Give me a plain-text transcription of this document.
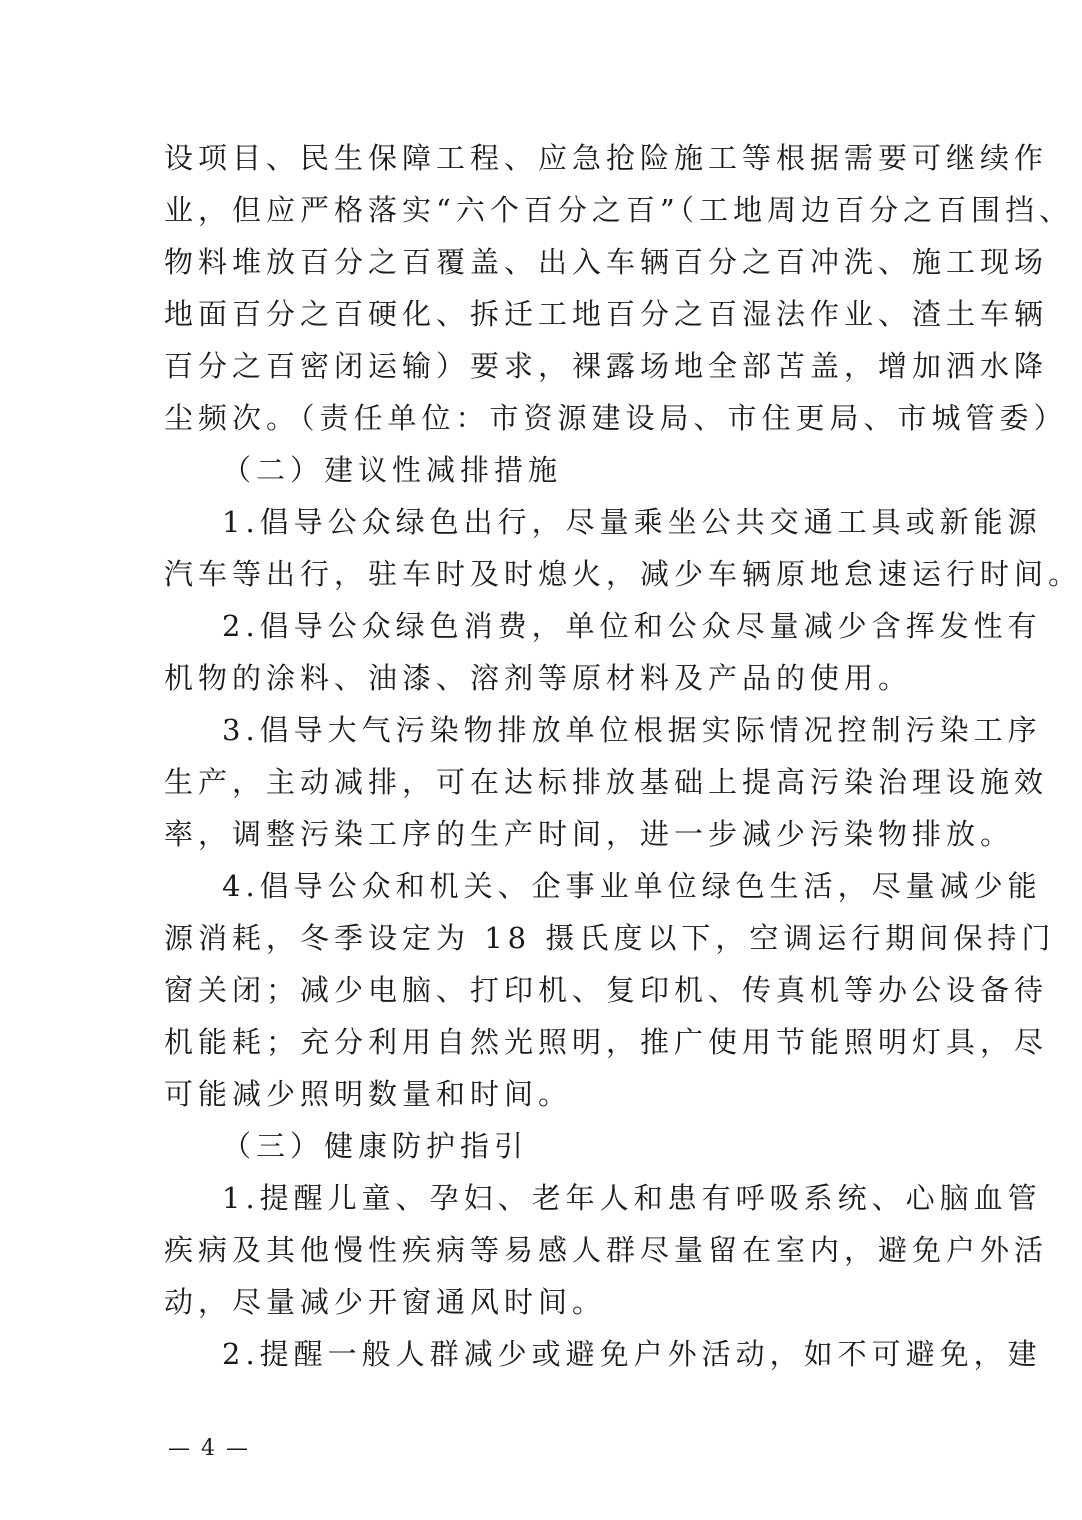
设项目、民生保障工程、应急抢险施工等根据需要可继续作
业，但应严格落实“六个百分之百”（工地周边百分之百围挡、
物料堆放百分之百覆盖、出入车辆百分之百冲洗、施工现场
地面百分之百硬化、拆迁工地百分之百湿法作业、渣土车辆
百分之百密闭运输）要求，裸露场地全部苫盖，增加洒水降
尘频次。（责任单位：市资源建设局、市住更局、市城管委）
（二）建议性减排措施
1.倡导公众绿色出行，尽量乘坐公共交通工具或新能源
汽车等出行，驻车时及时熄火，减少车辆原地怠速运行时间。
2.倡导公众绿色消费，单位和公众尽量减少含挥发性有
机物的涂料、油漆、溶剂等原材料及产品的使用。
3.倡导大气污染物排放单位根据实际情况控制污染工序
生产，主动减排，可在达标排放基础上提高污染治理设施效
率，调整污染工序的生产时间，进一步减少污染物排放。
4.倡导公众和机关、企事业单位绿色生活，尽量减少能
源消耗，冬季设定为 18 摄氏度以下，空调运行期间保持门
窗关闭；减少电脑、打印机、复印机、传真机等办公设备待
机能耗；充分利用自然光照明，推广使用节能照明灯具，尽
可能减少照明数量和时间。
（三）健康防护指引
1.提醒儿童、孕妇、老年人和患有呼吸系统、心脑血管
疾病及其他慢性疾病等易感人群尽量留在室内，避免户外活
动，尽量减少开窗通风时间。
2.提醒一般人群减少或避免户外活动，如不可避免，建
— 4 —
